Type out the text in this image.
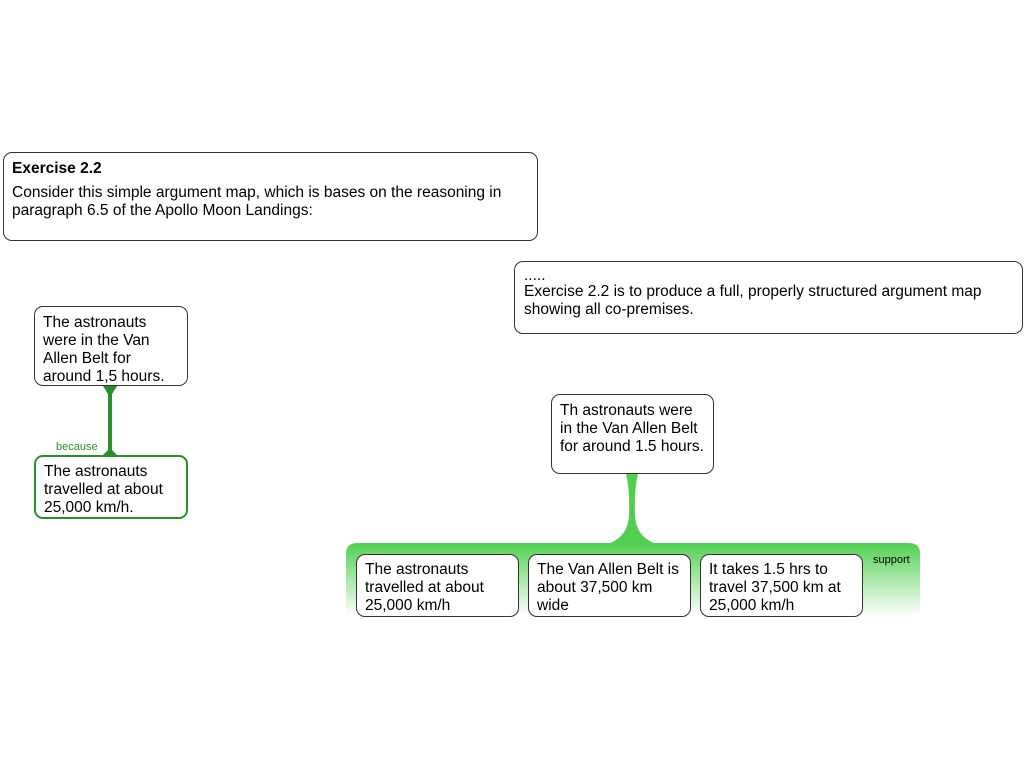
Exercise 2.2
Consider this simple argument map, which is bases on the reasoning in paragraph 6.5 of the Apollo Moon Landings:
.....
Exercise 2.2 is to produce a full, properly structured argument map showing all co-premises.
The astronauts were in the Van Allen Belt for around 1,5 hours.
because
The astronauts travelled at about 25,000 km/h.
Th astronauts were in the Van Allen Belt for around 1.5 hours.
support
The astronauts travelled at about 25,000 km/h
The Van Allen Belt is about 37,500 km wide
It takes 1.5 hrs to travel 37,500 km at 25,000 km/h
